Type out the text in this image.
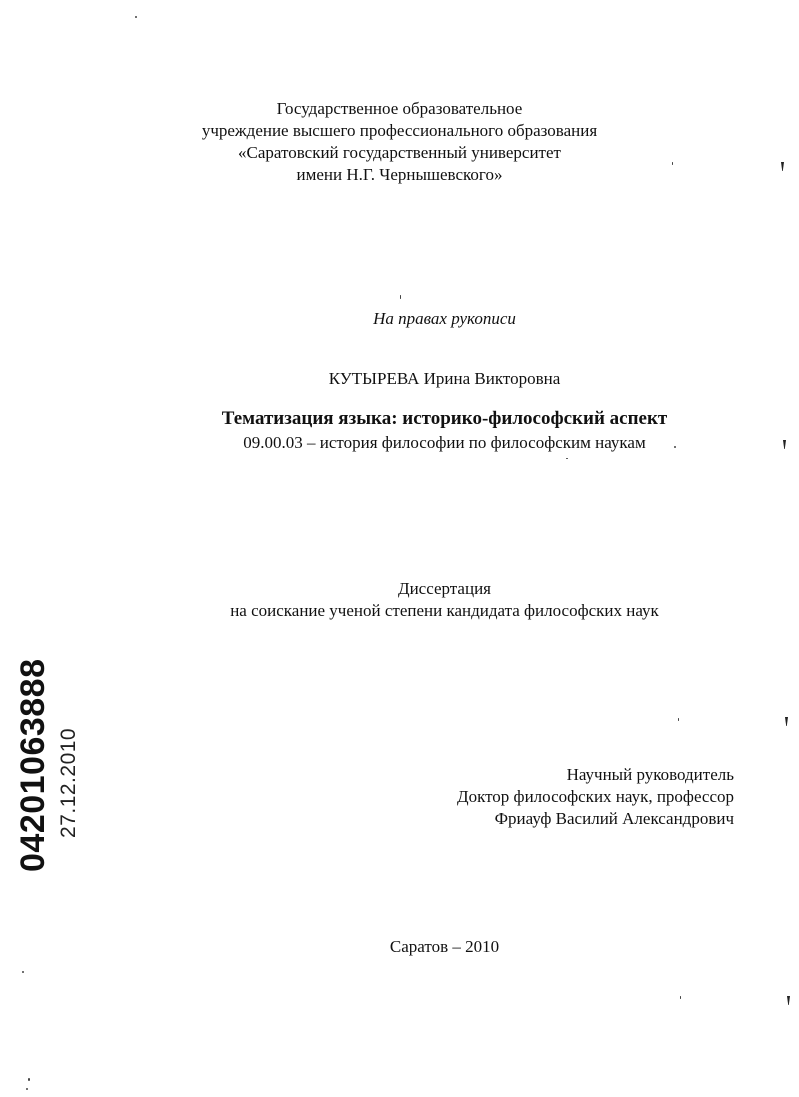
Государственное образовательное
учреждение высшего профессионального образования
«Саратовский государственный университет
имени Н.Г. Чернышевского»
На правах рукописи
КУТЫРЕВА Ирина Викторовна
Тематизация языка: историко-философский аспект
09.00.03 – история философии по философским наукам
Диссертация
на соискание ученой степени кандидата философских наук
Научный руководитель
Доктор философских наук, профессор
Фриауф Василий Александрович
Саратов – 2010
04201063888 27.12.2010
